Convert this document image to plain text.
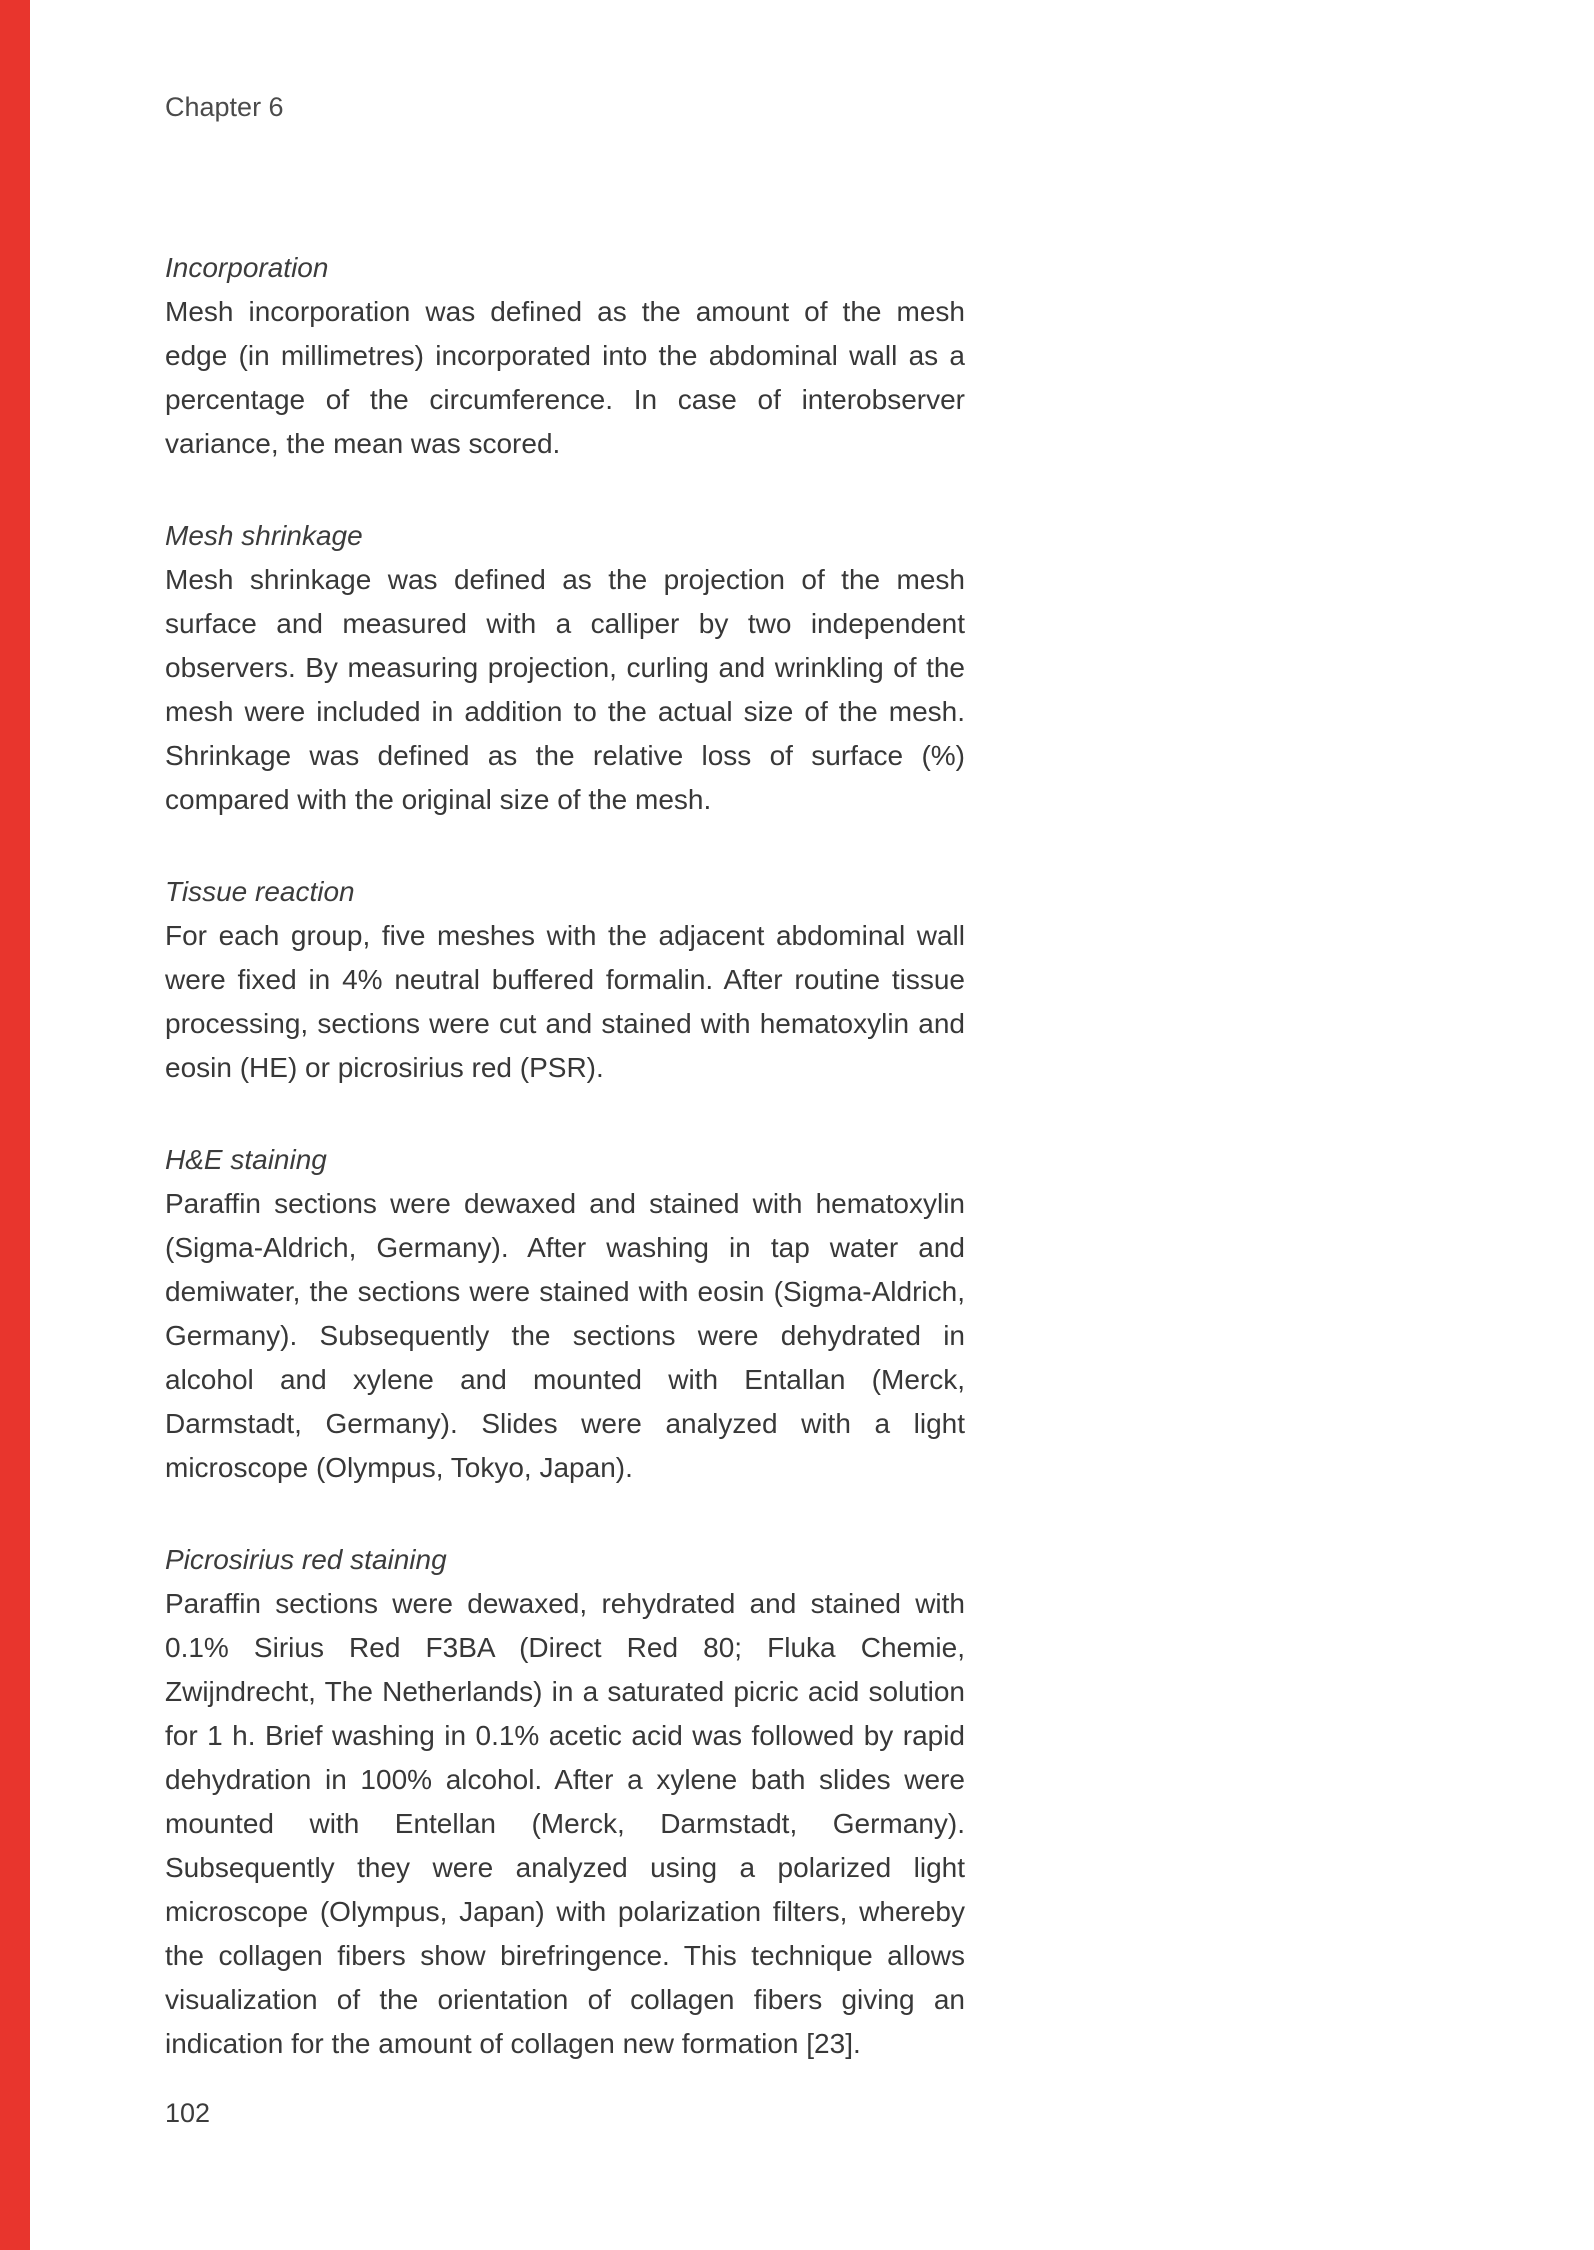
Chapter 6
Incorporation

Mesh incorporation was defined as the amount of the mesh edge (in millimetres) incorporated into the abdominal wall as a percentage of the circumference. In case of interobserver variance, the mean was scored.

Mesh shrinkage

Mesh shrinkage was defined as the projection of the mesh surface and measured with a calliper by two independent observers. By measuring projection, curling and wrinkling of the mesh were included in addition to the actual size of the mesh. Shrinkage was defined as the relative loss of surface (%) compared with the original size of the mesh.

Tissue reaction

For each group, five meshes with the adjacent abdominal wall were fixed in 4% neutral buffered formalin. After routine tissue processing, sections were cut and stained with hematoxylin and eosin (HE) or picrosirius red (PSR).

H&E staining

Paraffin sections were dewaxed and stained with hematoxylin (Sigma-Aldrich, Germany). After washing in tap water and demiwater, the sections were stained with eosin (Sigma-Aldrich, Germany). Subsequently the sections were dehydrated in alcohol and xylene and mounted with Entallan (Merck, Darmstadt, Germany). Slides were analyzed with a light microscope (Olympus, Tokyo, Japan).

Picrosirius red staining

Paraffin sections were dewaxed, rehydrated and stained with 0.1% Sirius Red F3BA (Direct Red 80; Fluka Chemie, Zwijndrecht, The Netherlands) in a saturated picric acid solution for 1 h. Brief washing in 0.1% acetic acid was followed by rapid dehydration in 100% alcohol. After a xylene bath slides were mounted with Entellan (Merck, Darmstadt, Germany). Subsequently they were analyzed using a polarized light microscope (Olympus, Japan) with polarization filters, whereby the collagen fibers show birefringence. This technique allows visualization of the orientation of collagen fibers giving an indication for the amount of collagen new formation [23].

102
